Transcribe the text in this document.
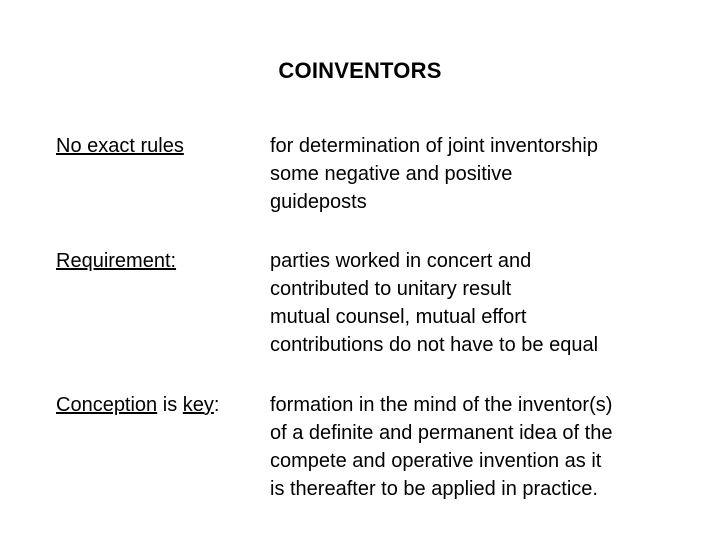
COINVENTORS
No exact rules	for determination of joint inventorship
some negative and positive
guideposts
Requirement:	parties worked in concert and
contributed to unitary result
mutual counsel, mutual effort
contributions do not have to be equal
Conception is key:	formation in the mind of the inventor(s)
of a definite and permanent idea of the
compete and operative invention as it
is thereafter to be applied in practice.
